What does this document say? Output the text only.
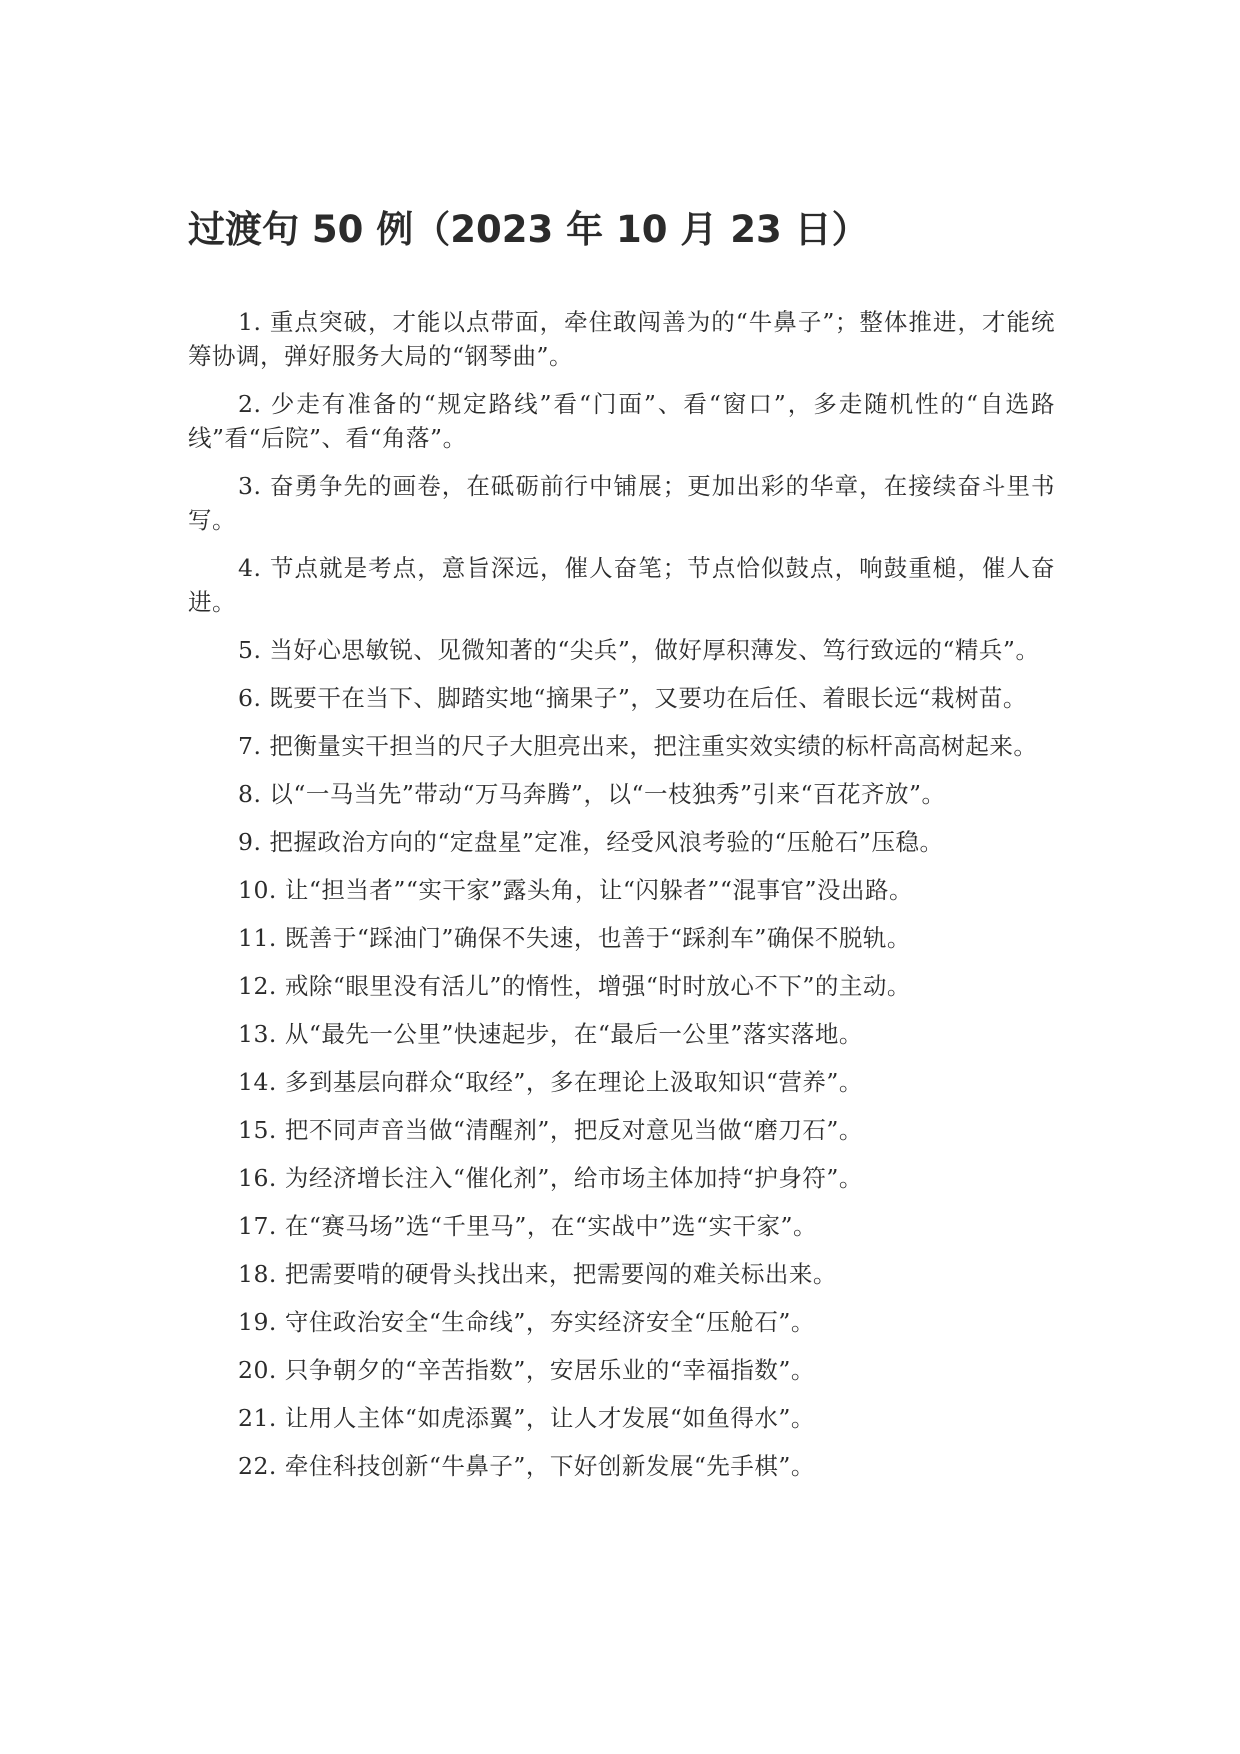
过渡句 50 例（2023 年 10 月 23 日）

1. 重点突破，才能以点带面，牵住敢闯善为的“牛鼻子”；整体推进，才能统筹协调，弹好服务大局的“钢琴曲”。

2. 少走有准备的“规定路线”看“门面”、看“窗口”，多走随机性的“自选路线”看“后院”、看“角落”。

3. 奋勇争先的画卷，在砥砺前行中铺展；更加出彩的华章，在接续奋斗里书写。

4. 节点就是考点，意旨深远，催人奋笔；节点恰似鼓点，响鼓重槌，催人奋进。

5. 当好心思敏锐、见微知著的“尖兵”，做好厚积薄发、笃行致远的“精兵”。

6. 既要干在当下、脚踏实地“摘果子”，又要功在后任、着眼长远“栽树苗。

7. 把衡量实干担当的尺子大胆亮出来，把注重实效实绩的标杆高高树起来。

8. 以“一马当先”带动“万马奔腾”，以“一枝独秀”引来“百花齐放”。

9. 把握政治方向的“定盘星”定准，经受风浪考验的“压舱石”压稳。

10. 让“担当者”“实干家”露头角，让“闪躲者”“混事官”没出路。

11. 既善于“踩油门”确保不失速，也善于“踩刹车”确保不脱轨。

12. 戒除“眼里没有活儿”的惰性，增强“时时放心不下”的主动。

13. 从“最先一公里”快速起步，在“最后一公里”落实落地。

14. 多到基层向群众“取经”，多在理论上汲取知识“营养”。

15. 把不同声音当做“清醒剂”，把反对意见当做“磨刀石”。

16. 为经济增长注入“催化剂”，给市场主体加持“护身符”。

17. 在“赛马场”选“千里马”，在“实战中”选“实干家”。

18. 把需要啃的硬骨头找出来，把需要闯的难关标出来。

19. 守住政治安全“生命线”，夯实经济安全“压舱石”。

20. 只争朝夕的“辛苦指数”，安居乐业的“幸福指数”。

21. 让用人主体“如虎添翼”，让人才发展“如鱼得水”。

22. 牵住科技创新“牛鼻子”，下好创新发展“先手棋”。
